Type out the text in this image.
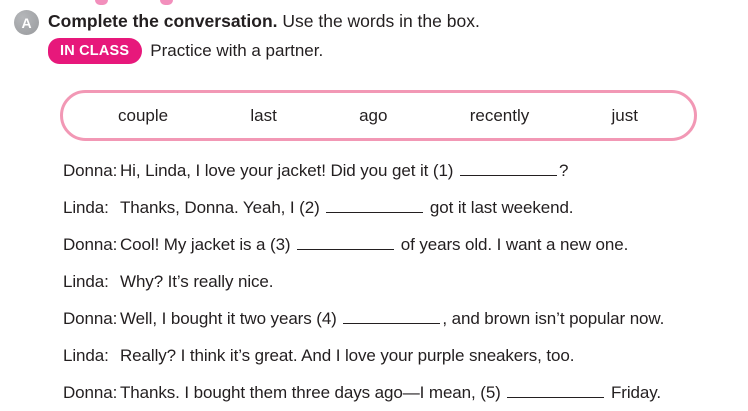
A Complete the conversation. Use the words in the box.
IN CLASS	Practice with a partner.
couple	last	ago	recently	just
Donna: Hi, Linda, I love your jacket! Did you get it (1)	?
Linda: Thanks, Donna. Yeah, I (2)	got it last weekend.
Donna: Cool! My jacket is a (3)	of years old. I want a new one.
Linda: Why? It’s really nice.
Donna: Well, I bought it two years (4)	, and brown isn’t popular now.
Linda: Really? I think it’s great. And I love your purple sneakers, too.
Donna: Thanks. I bought them three days ago—I mean, (5)	Friday.
